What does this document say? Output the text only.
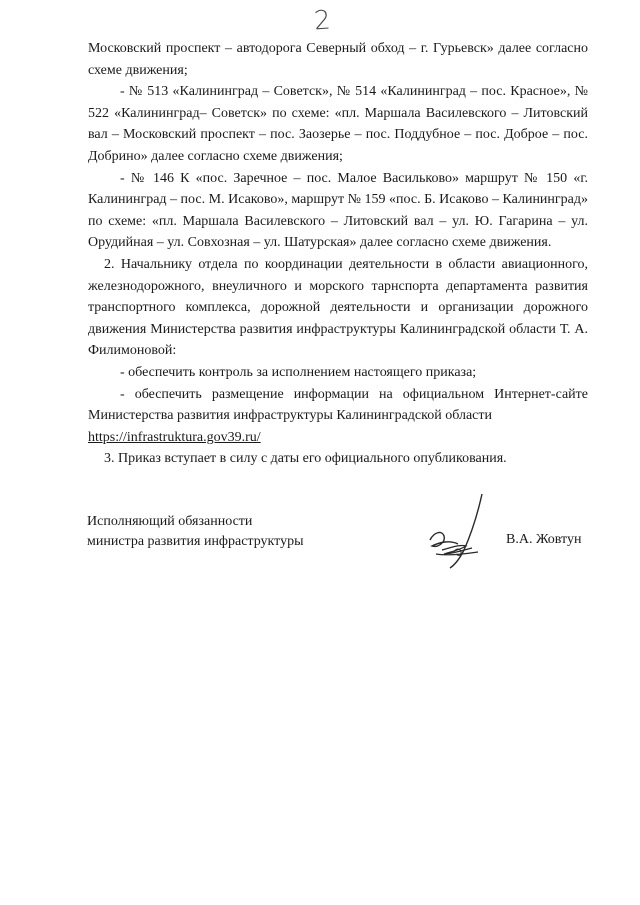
2

Московский проспект – автодорога Северный обход – г. Гурьевск» далее согласно схеме движения;

- № 513 «Калининград – Советск», № 514 «Калининград – пос. Красное», № 522 «Калининград– Советск» по схеме: «пл. Маршала Василевского – Литовский вал – Московский проспект – пос. Заозерье – пос. Поддубное – пос. Доброе – пос. Добрино» далее согласно схеме движения;

- № 146 К «пос. Заречное – пос. Малое Васильково» маршрут № 150 «г. Калининград – пос. М. Исаково», маршрут № 159 «пос. Б. Исаково – Калининград» по схеме: «пл. Маршала Василевского – Литовский вал – ул. Ю. Гагарина – ул. Орудийная – ул. Совхозная – ул. Шатурская» далее согласно схеме движения.

2. Начальнику отдела по координации деятельности в области авиационного, железнодорожного, внеуличного и морского тарнспорта департамента развития транспортного комплекса, дорожной деятельности и организации дорожного движения Министерства развития инфраструктуры Калининградской области Т. А. Филимоновой:

- обеспечить контроль за исполнением настоящего приказа;

- обеспечить размещение информации на официальном Интернет-сайте Министерства развития инфраструктуры Калининградской области

https://infrastruktura.gov39.ru/

3. Приказ вступает в силу с даты его официального опубликования.

Исполняющий обязанности
министра развития инфраструктуры	В.А. Жовтун
